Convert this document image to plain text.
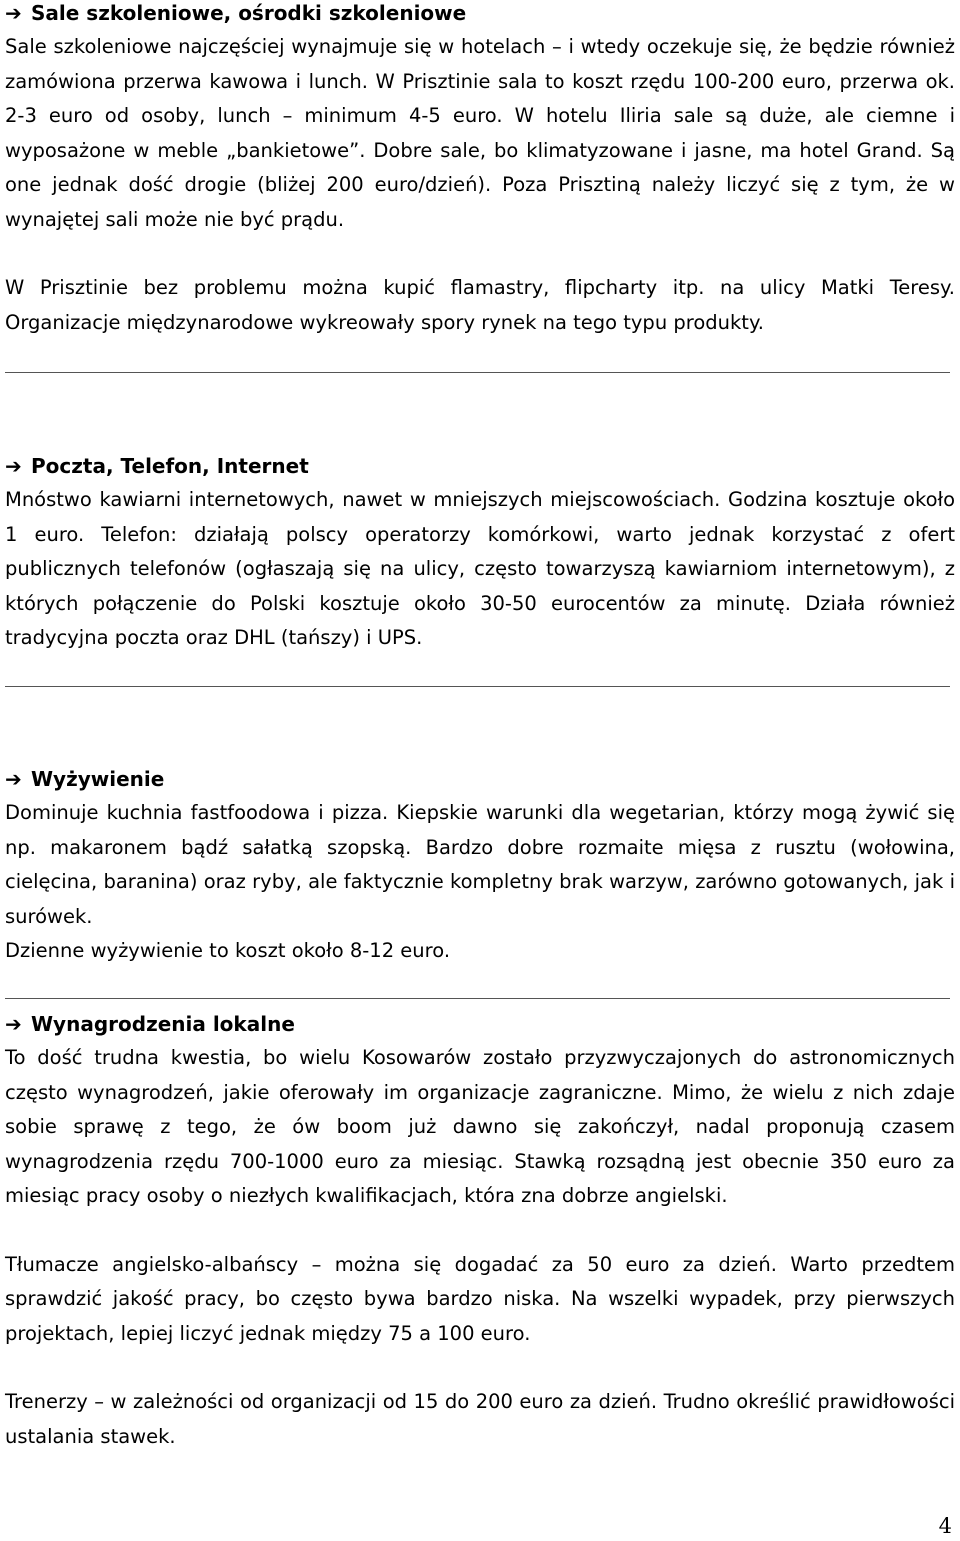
➔ Sale szkoleniowe, ośrodki szkoleniowe

Sale szkoleniowe najczęściej wynajmuje się w hotelach – i wtedy oczekuje się, że będzie również zamówiona przerwa kawowa i lunch. W Prisztinie sala to koszt rzędu 100-200 euro, przerwa ok. 2-3 euro od osoby, lunch – minimum 4-5 euro. W hotelu Iliria sale są duże, ale ciemne i wyposażone w meble „bankietowe”. Dobre sale, bo klimatyzowane i jasne, ma hotel Grand. Są one jednak dość drogie (bliżej 200 euro/dzień). Poza Prisztiną należy liczyć się z tym, że w wynajętej sali może nie być prądu.

W Prisztinie bez problemu można kupić flamastry, flipcharty itp. na ulicy Matki Teresy. Organizacje międzynarodowe wykreowały spory rynek na tego typu produkty.

➔ Poczta, Telefon, Internet

Mnóstwo kawiarni internetowych, nawet w mniejszych miejscowościach. Godzina kosztuje około 1 euro. Telefon: działają polscy operatorzy komórkowi, warto jednak korzystać z ofert publicznych telefonów (ogłaszają się na ulicy, często towarzyszą kawiarniom internetowym), z których połączenie do Polski kosztuje około 30-50 eurocentów za minutę. Działa również tradycyjna poczta oraz DHL (tańszy) i UPS.

➔ Wyżywienie

Dominuje kuchnia fastfoodowa i pizza. Kiepskie warunki dla wegetarian, którzy mogą żywić się np. makaronem bądź sałatką szopską. Bardzo dobre rozmaite mięsa z rusztu (wołowina, cielęcina, baranina) oraz ryby, ale faktycznie kompletny brak warzyw, zarówno gotowanych, jak i surówek.

Dzienne wyżywienie to koszt około 8-12 euro.

➔ Wynagrodzenia lokalne

To dość trudna kwestia, bo wielu Kosowarów zostało przyzwyczajonych do astronomicznych często wynagrodzeń, jakie oferowały im organizacje zagraniczne. Mimo, że wielu z nich zdaje sobie sprawę z tego, że ów boom już dawno się zakończył, nadal proponują czasem wynagrodzenia rzędu 700-1000 euro za miesiąc. Stawką rozsądną jest obecnie 350 euro za miesiąc pracy osoby o niezłych kwalifikacjach, która zna dobrze angielski.

Tłumacze angielsko-albańscy – można się dogadać za 50 euro za dzień. Warto przedtem sprawdzić jakość pracy, bo często bywa bardzo niska. Na wszelki wypadek, przy pierwszych projektach, lepiej liczyć jednak między 75 a 100 euro.

Trenerzy – w zależności od organizacji od 15 do 200 euro za dzień. Trudno określić prawidłowości ustalania stawek.

4
